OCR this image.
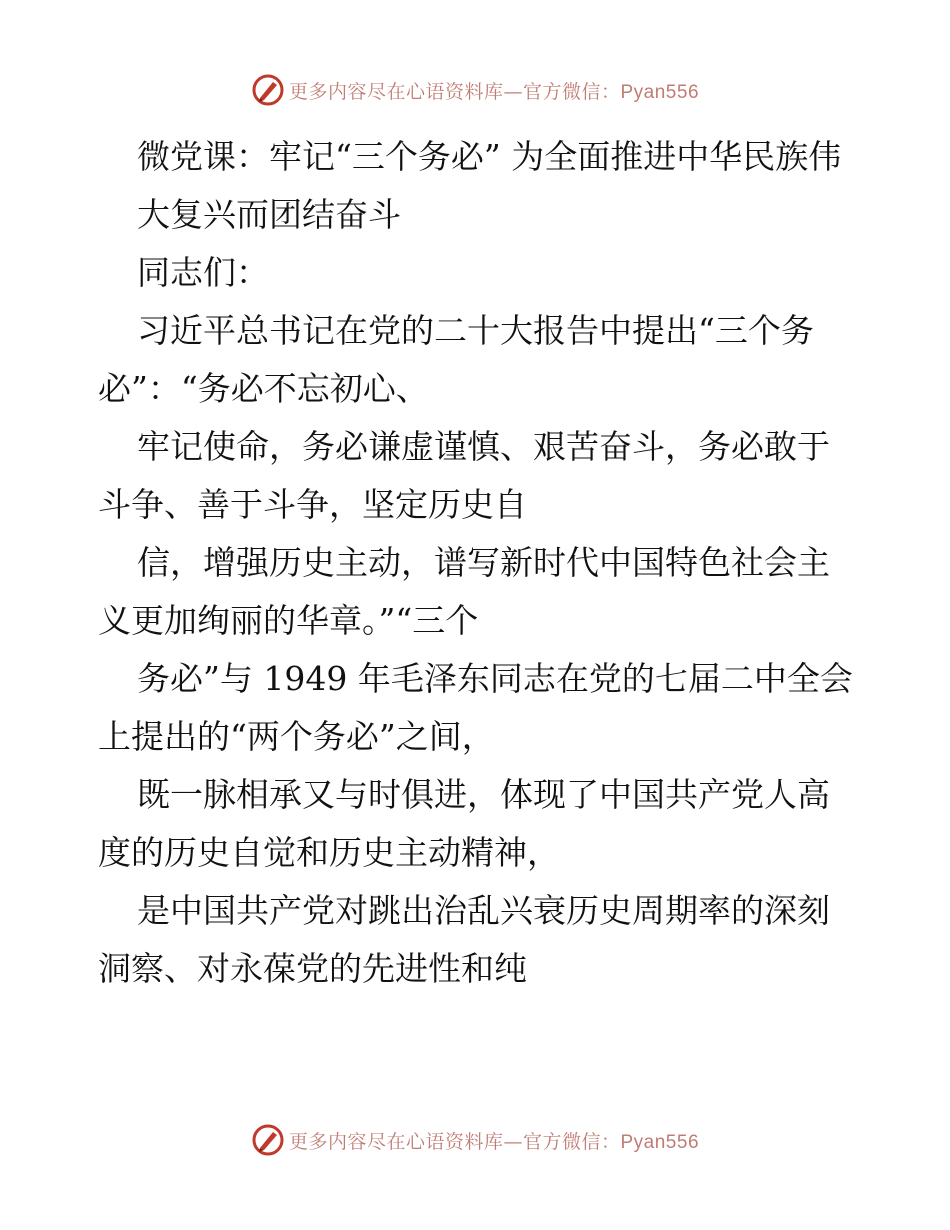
更多内容尽在心语资料库—官方微信：Pyan556

微党课：牢记“三个务必” 为全面推进中华民族伟

大复兴而团结奋斗

同志们：

习近平总书记在党的二十大报告中提出“三个务必”：“务必不忘初心、

牢记使命，务必谦虚谨慎、艰苦奋斗，务必敢于斗争、善于斗争，坚定历史自

信，增强历史主动，谱写新时代中国特色社会主义更加绚丽的华章。”“三个

务必”与 1949 年毛泽东同志在党的七届二中全会上提出的“两个务必”之间，

既一脉相承又与时俱进，体现了中国共产党人高度的历史自觉和历史主动精神，

是中国共产党对跳出治乱兴衰历史周期率的深刻洞察、对永葆党的先进性和纯

更多内容尽在心语资料库—官方微信：Pyan556
